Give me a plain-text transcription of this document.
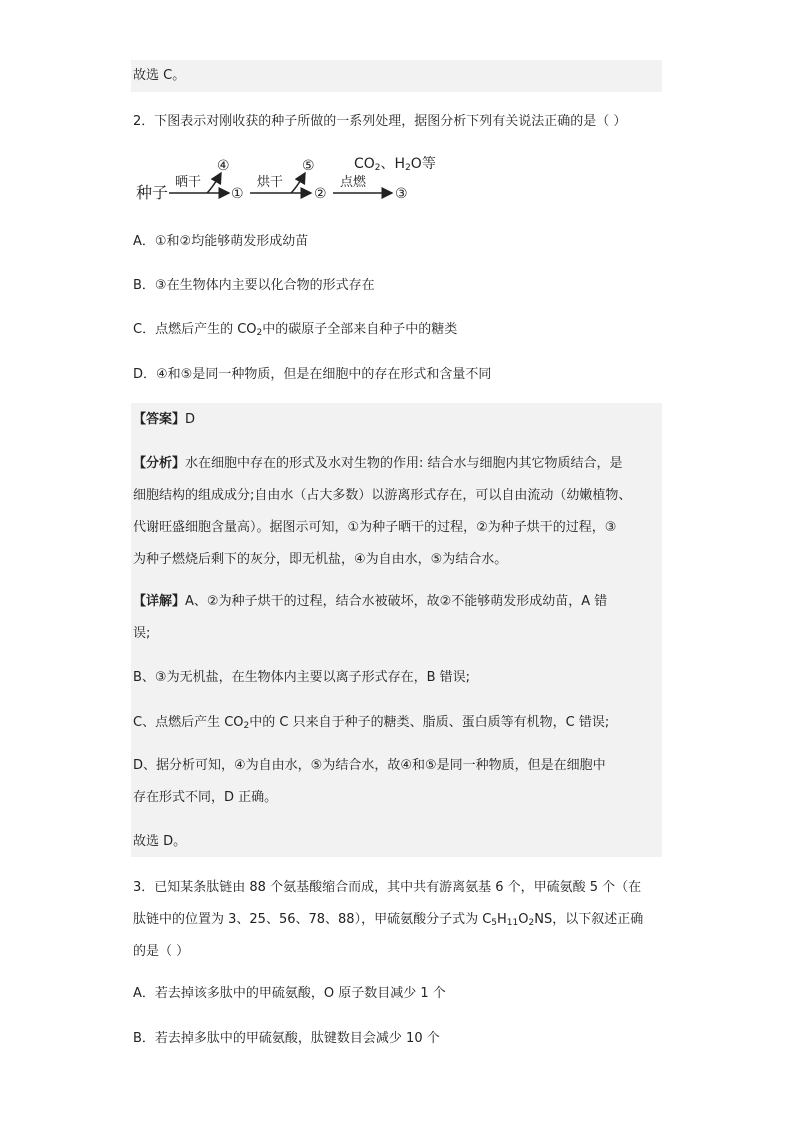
故选 C。
2．下图表示对刚收获的种子所做的一系列处理，据图分析下列有关说法正确的是（ ）
种子
晒干
①
④
烘干
②
⑤
点燃
③
$CO_2$、$H_2O$等
A．①和②均能够萌发形成幼苗
B．③在生物体内主要以化合物的形式存在
C．点燃后产生的 $CO_2$中的碳原子全部来自种子中的糖类
D．④和⑤是同一种物质，但是在细胞中的存在形式和含量不同
【答案】D
【分析】水在细胞中存在的形式及水对生物的作用: 结合水与细胞内其它物质结合，是
细胞结构的组成成分;自由水（占大多数）以游离形式存在，可以自由流动（幼嫩植物、
代谢旺盛细胞含量高）。据图示可知，①为种子晒干的过程，②为种子烘干的过程，③
为种子燃烧后剩下的灰分，即无机盐，④为自由水，⑤为结合水。
【详解】A、②为种子烘干的过程，结合水被破坏，故②不能够萌发形成幼苗，A 错
误;
B、③为无机盐，在生物体内主要以离子形式存在，B 错误;
C、点燃后产生 $CO_2$中的 C 只来自于种子的糖类、脂质、蛋白质等有机物，C 错误;
D、据分析可知，④为自由水，⑤为结合水，故④和⑤是同一种物质，但是在细胞中
存在形式不同，D 正确。
故选 D。
3．已知某条肽链由 88 个氨基酸缩合而成，其中共有游离氨基 6 个，甲硫氨酸 5 个（在
肽链中的位置为 3、25、56、78、88），甲硫氨酸分子式为 $C_5H_{11}O_2NS$，以下叙述正确
的是（ ）
A．若去掉该多肽中的甲硫氨酸，O 原子数目减少 1 个
B．若去掉多肽中的甲硫氨酸，肽键数目会减少 10 个
